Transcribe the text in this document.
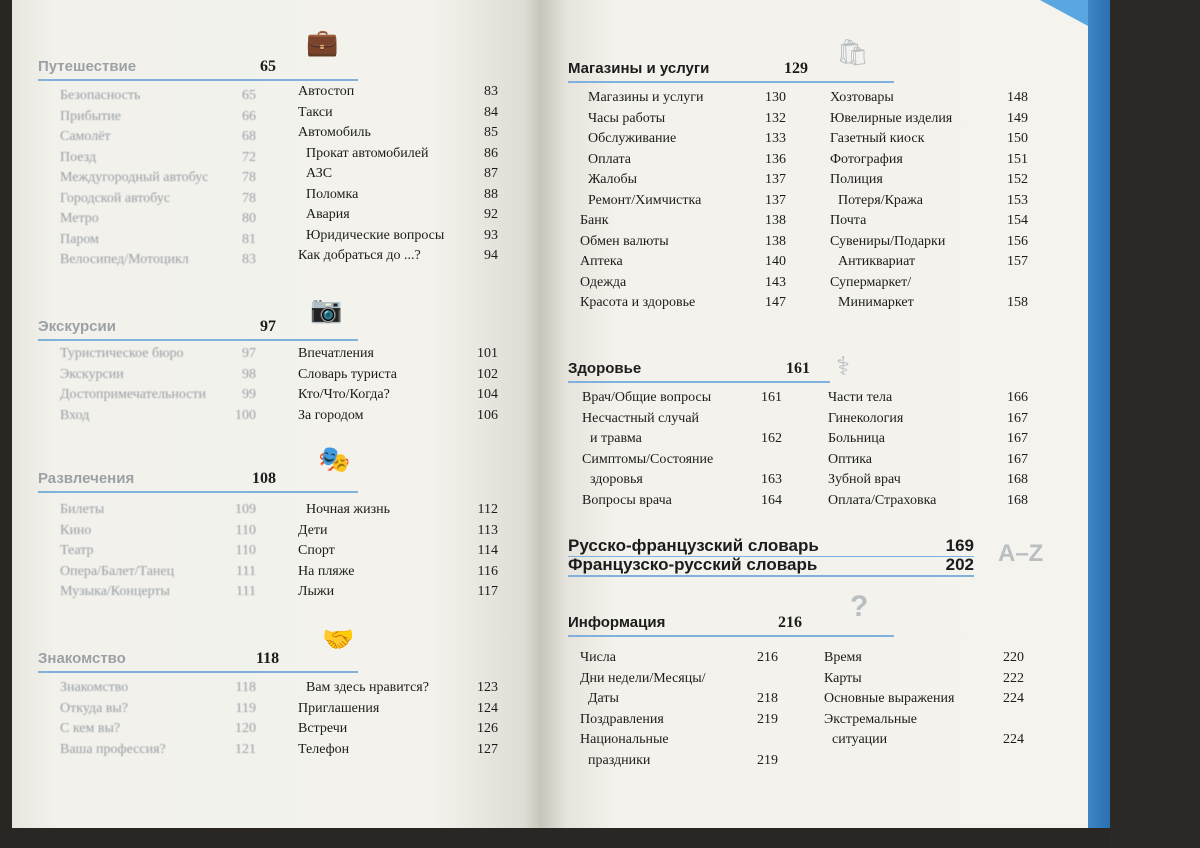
💼
📷
🎭
🤝
🛍
⚕
A–Z
?
Путешествие	65
Безопасность	65
Прибытие	66
Самолёт	68
Поезд	72
Междугородный автобус 78
Городской автобус	78
Метро	80
Паром	81
Велосипед/Мотоцикл	83
Автостоп	83
Такси	84
Автомобиль	85
Прокат автомобилей	86
АЗС	87
Поломка	88
Авария	92
Юридические вопросы	93
Как добраться до ...?	94
Экскурсии	97
Туристическое бюро	97
Экскурсии	98
Достопримечательности	99
Вход	100
Впечатления	101
Словарь туриста	102
Кто/Что/Когда?	104
За городом	106
Развлечения	108
Билеты	109
Кино	110
Театр	110
Опера/Балет/Танец	111
Музыка/Концерты	111
Ночная жизнь	112
Дети	113
Спорт	114
На пляже	116
Лыжи	117
Знакомство	118
Знакомство	118
Откуда вы?	119
С кем вы?	120
Ваша профессия?	121
Вам здесь нравится?	123
Приглашения	124
Встречи	126
Телефон	127
Магазины и услуги	129
Магазины и услуги	130
Часы работы	132
Обслуживание	133
Оплата	136
Жалобы	137
Ремонт/Химчистка	137
Банк	138
Обмен валюты	138
Аптека	140
Одежда	143
Красота и здоровье	147
Хозтовары	148
Ювелирные изделия	149
Газетный киоск	150
Фотография	151
Полиция	152
Потеря/Кража	153
Почта	154
Сувениры/Подарки	156
Антиквариат	157
Супермаркет/
Минимаркет	158
Здоровье	161
Врач/Общие вопросы	161
Несчастный случай
и травма	162
Симптомы/Состояние
здоровья	163
Вопросы врача	164
Части тела	166
Гинекология	167
Больница	167
Оптика	167
Зубной врач	168
Оплата/Страховка	168
Русско-французский словарь	169
Французско-русский словарь	202
Информация	216
Числа	216
Дни недели/Месяцы/
Даты	218
Поздравления	219
Национальные
праздники	219
Время	220
Карты	222
Основные выражения	224
Экстремальные
ситуации	224
